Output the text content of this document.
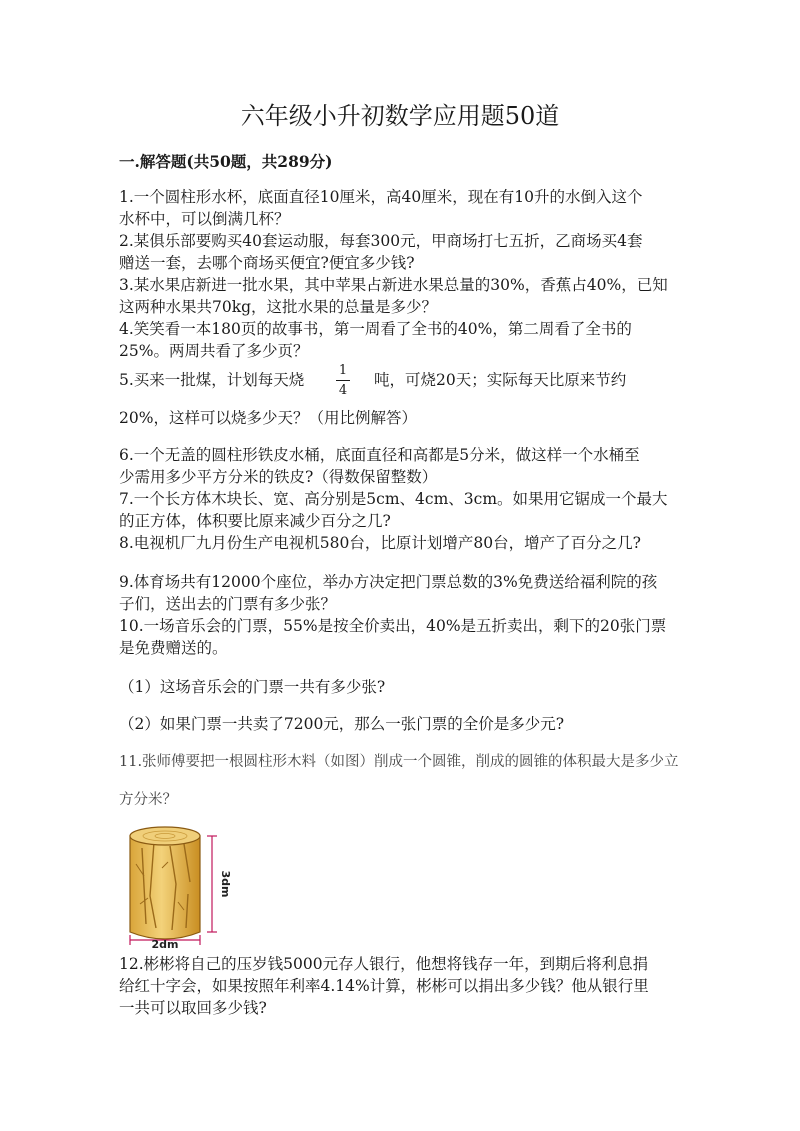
六年级小升初数学应用题50道
一.解答题(共50题，共289分)
1.一个圆柱形水杯，底面直径10厘米，高40厘米，现在有10升的水倒入这个
水杯中，可以倒满几杯？
2.某俱乐部要购买40套运动服，每套300元，甲商场打七五折，乙商场买4套
赠送一套，去哪个商场买便宜?便宜多少钱?
3.某水果店新进一批水果，其中苹果占新进水果总量的30%，香蕉占40%，已知
这两种水果共70kg，这批水果的总量是多少？
4.笑笑看一本180页的故事书，第一周看了全书的40%，第二周看了全书的
25%。两周共看了多少页？
5.买来一批煤，计划每天烧
1
4
吨，可烧20天；实际每天比原来节约
20%，这样可以烧多少天？（用比例解答）
6.一个无盖的圆柱形铁皮水桶，底面直径和高都是5分米，做这样一个水桶至
少需用多少平方分米的铁皮?（得数保留整数）
7.一个长方体木块长、宽、高分别是5cm、4cm、3cm。如果用它锯成一个最大
的正方体，体积要比原来减少百分之几?
8.电视机厂九月份生产电视机580台，比原计划增产80台，增产了百分之几?
9.体育场共有12000个座位，举办方决定把门票总数的3%免费送给福利院的孩
子们，送出去的门票有多少张？
10.一场音乐会的门票，55%是按全价卖出，40%是五折卖出，剩下的20张门票
是免费赠送的。
（1）这场音乐会的门票一共有多少张?
（2）如果门票一共卖了7200元，那么一张门票的全价是多少元?
11.张师傅要把一根圆柱形木料（如图）削成一个圆锥，削成的圆锥的体积最大是多少立
方分米？
3dm
2dm
12.彬彬将自己的压岁钱5000元存人银行，他想将钱存一年，到期后将利息捐
给红十字会，如果按照年利率4.14%计算，彬彬可以捐出多少钱？他从银行里
一共可以取回多少钱?
